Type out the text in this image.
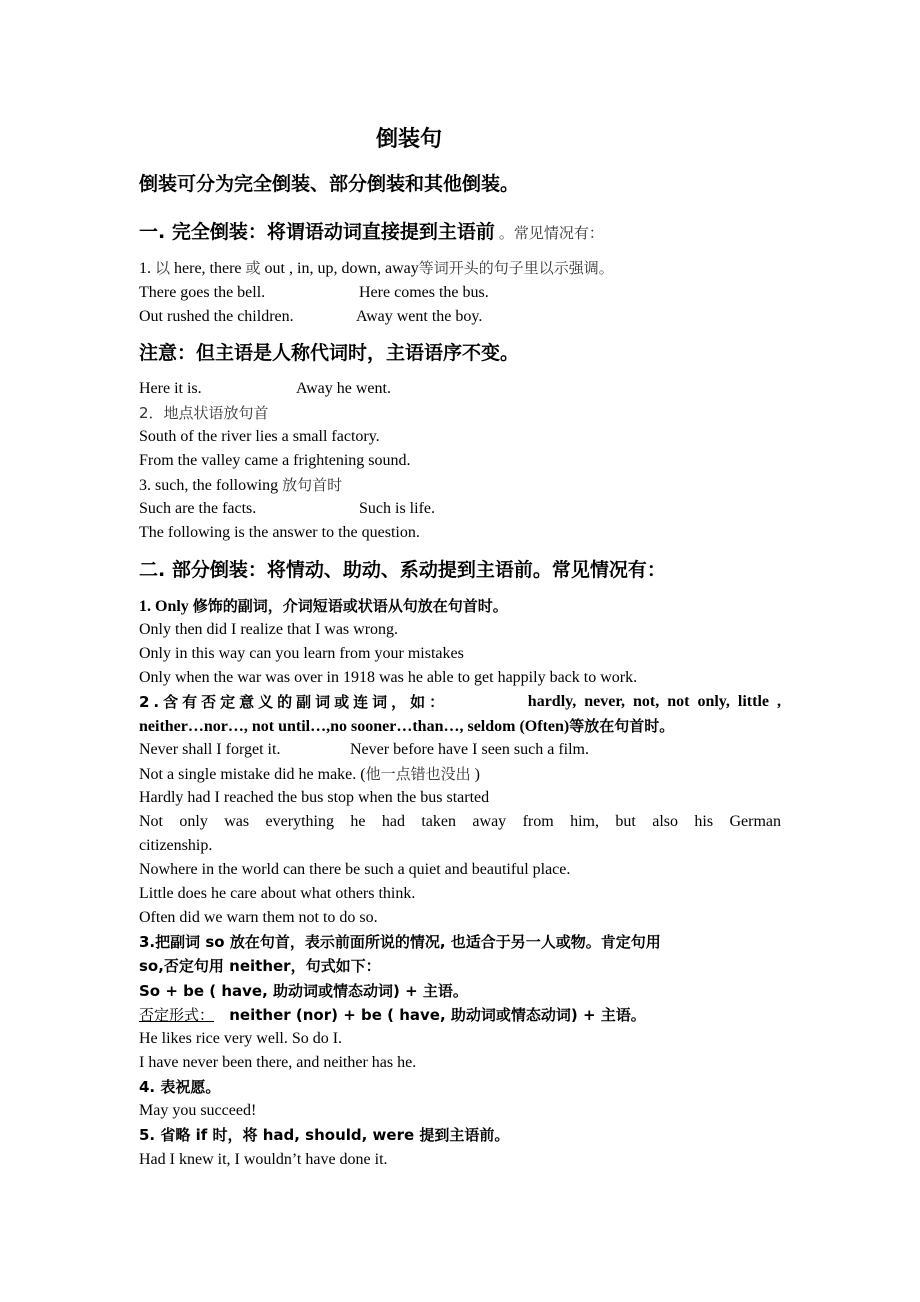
倒装句
倒装可分为完全倒装、部分倒装和其他倒装。
一. 完全倒装：将谓语动词直接提到主语前 。常见情况有：
1. 以 here, there 或 out , in, up, down, away等词开头的句子里以示强调。
There goes the bell.	Here comes the bus.
Out rushed the children.	Away went the boy.
注意：但主语是人称代词时，主语语序不变。
Here it is.	Away he went.
2．地点状语放句首
South of the river lies a small factory.
From the valley came a frightening sound.
3. such, the following 放句首时
Such are the facts.	Such is life.
The following is the answer to the question.
二. 部分倒装：将情动、助动、系动提到主语前。常见情况有：
1. Only 修饰的副词，介词短语或状语从句放在句首时。
Only then did I realize that I was wrong.
Only in this way can you learn from your mistakes
Only when the war was over in 1918 was he able to get happily back to work.
2.含有否定意义的副词或连词，如：	hardly, never, not, not only, little ,
neither…nor…, not until…,no sooner…than…, seldom (Often)等放在句首时。
Never shall I forget it.	Never before have I seen such a film.
Not a single mistake did he make. (他一点错也没出 )
Hardly had I reached the bus stop when the bus started
Not only was everything he had taken away from him, but also his German
citizenship.
Nowhere in the world can there be such a quiet and beautiful place.
Little does he care about what others think.
Often did we warn them not to do so.
3.把副词 so 放在句首，表示前面所说的情况, 也适合于另一人或物。肯定句用
so,否定句用 neither，句式如下：
So + be ( have, 助动词或情态动词) + 主语。
否定形式： neither (nor) + be ( have, 助动词或情态动词) + 主语。
He likes rice very well. So do I.
I have never been there, and neither has he.
4. 表祝愿。
May you succeed!
5. 省略 if 时，将 had, should, were 提到主语前。
Had I knew it, I wouldn’t have done it.
